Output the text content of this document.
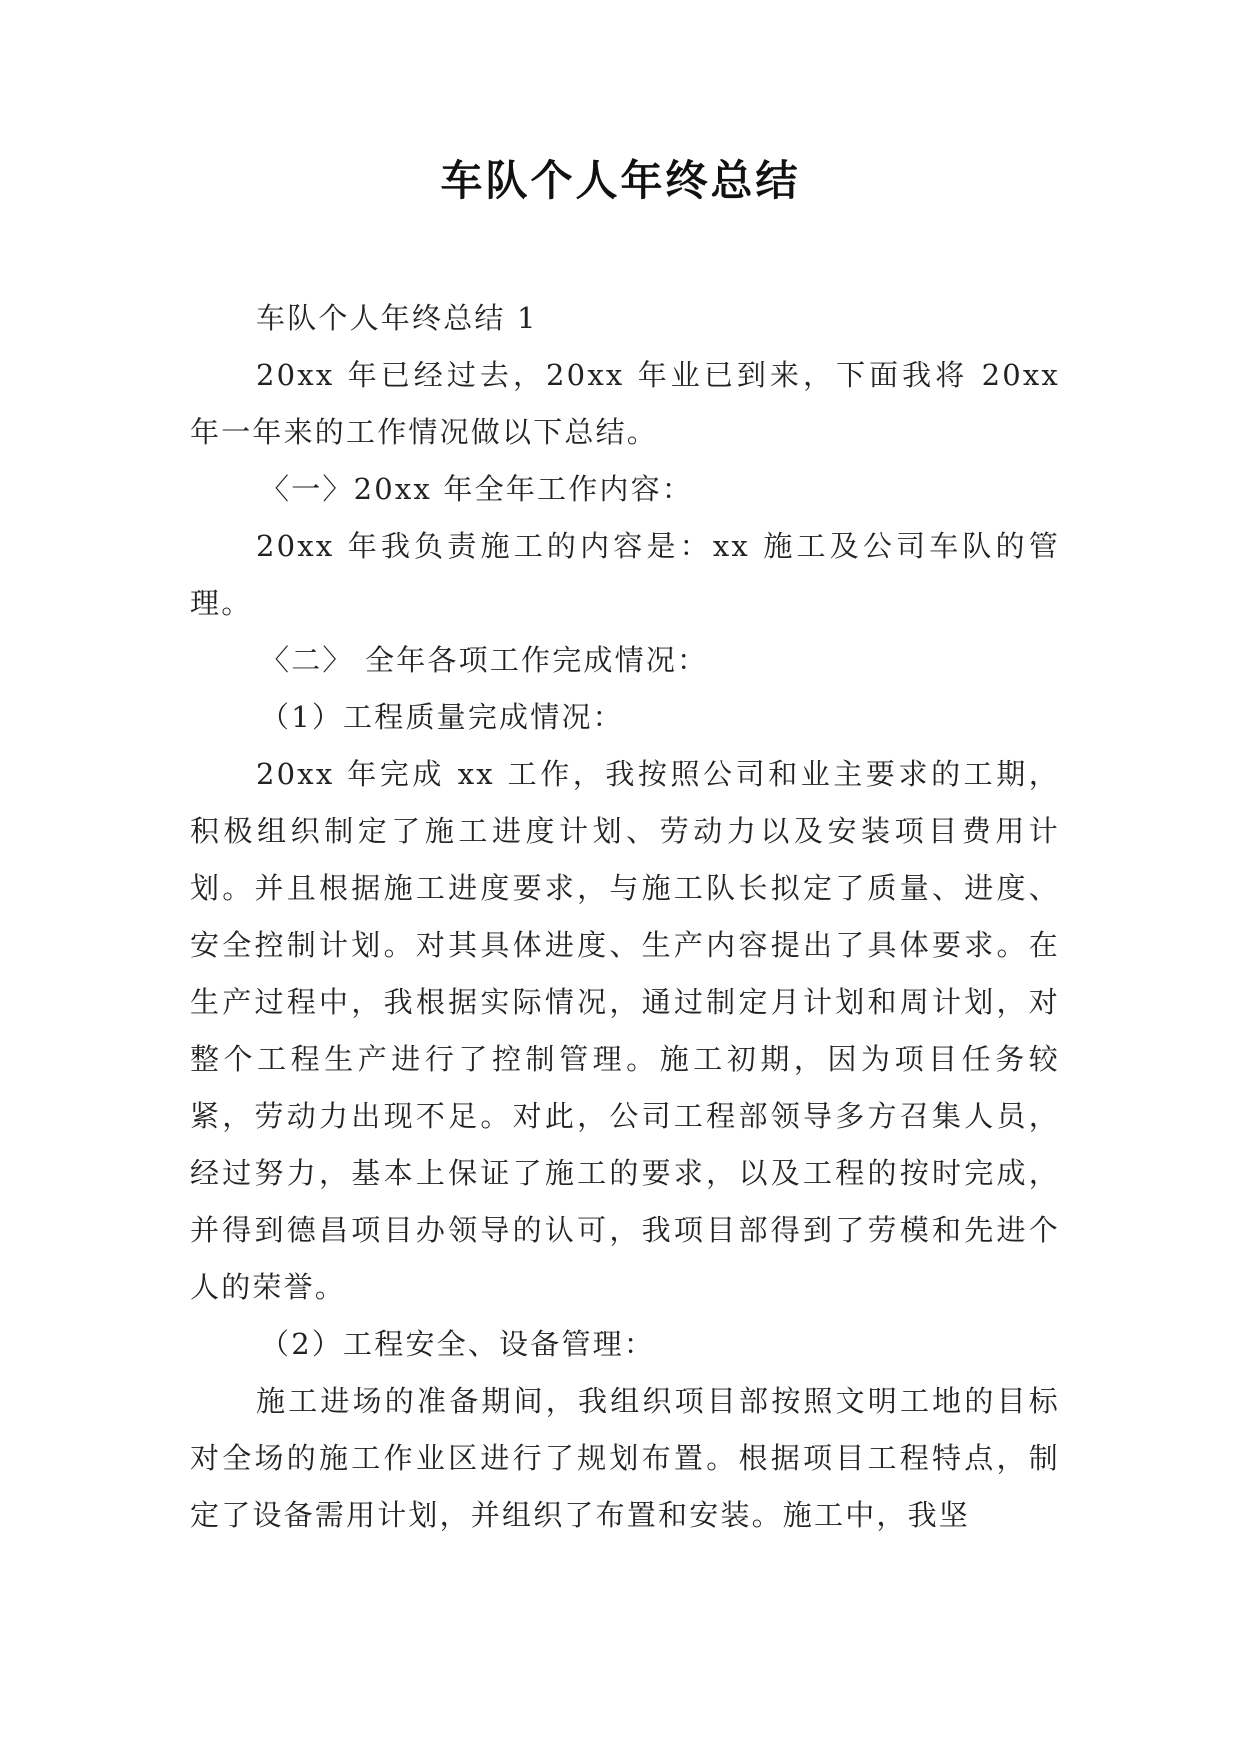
车队个人年终总结

车队个人年终总结 1

20xx 年已经过去，20xx 年业已到来，下面我将 20xx 年一年来的工作情况做以下总结。

〈一〉20xx 年全年工作内容：

20xx 年我负责施工的内容是：xx 施工及公司车队的管理。

〈二〉 全年各项工作完成情况：

（1）工程质量完成情况：

20xx 年完成 xx 工作，我按照公司和业主要求的工期，积极组织制定了施工进度计划、劳动力以及安装项目费用计划。并且根据施工进度要求，与施工队长拟定了质量、进度、安全控制计划。对其具体进度、生产内容提出了具体要求。在生产过程中，我根据实际情况，通过制定月计划和周计划，对整个工程生产进行了控制管理。施工初期，因为项目任务较紧，劳动力出现不足。对此，公司工程部领导多方召集人员，经过努力，基本上保证了施工的要求，以及工程的按时完成，并得到德昌项目办领导的认可，我项目部得到了劳模和先进个人的荣誉。

（2）工程安全、设备管理：

施工进场的准备期间，我组织项目部按照文明工地的目标对全场的施工作业区进行了规划布置。根据项目工程特点，制定了设备需用计划，并组织了布置和安装。施工中，我坚
